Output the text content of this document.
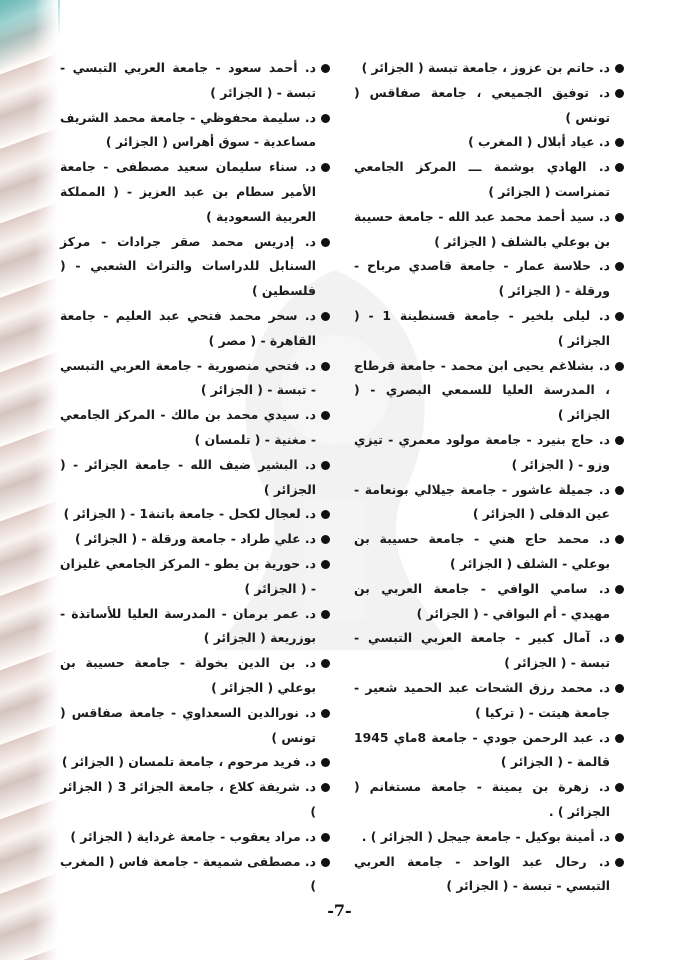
د. حاتم بن عزوز ، جامعة تبسة ( الجزائر )
د. توفيق الجميعي ، جامعة صفاقس ( تونس )
د. عياد أبلال ( المغرب )
د. الهادي بوشمة ـــ المركز الجامعي تمنراست ( الجزائر )
د. سيد أحمد محمد عبد الله - جامعة حسيبة بن بوعلي بالشلف ( الجزائر )
د. حلاسة عمار - جامعة قاصدي مرباح - ورقلة - ( الجزائر )
د. ليلى بلخير - جامعة قسنطينة 1 - ( الجزائر )
د. بشلاغم يحيى ابن محمد - جامعة قرطاج ، المدرسة العليا للسمعي البصري - ( الجزائر )
د. حاج بنيرد - جامعة مولود معمري - تيزي وزو - ( الجزائر )
د. جميلة عاشور - جامعة جيلالي بونعامة - عين الدفلى ( الجزائر )
د. محمد حاج هني - جامعة حسيبة بن بوعلي - الشلف ( الجزائر )
د. سامي الوافي - جامعة العربي بن مهيدي - أم البواقي - ( الجزائر )
د. آمال كبير - جامعة العربي التبسي - تبسة - ( الجزائر )
د. محمد رزق الشحات عبد الحميد شعير - جامعة هيتت - ( تركيا )
د. عبد الرحمن جودي - جامعة 8ماي 1945 قالمة - ( الجزائر )
د. زهرة بن يمينة - جامعة مستغانم ( الجزائر ) .
د. أمينة بوكيل - جامعة جيجل ( الجزائر ) .
د. رحال عبد الواحد - جامعة العربي التبسي - تبسة - ( الجزائر )
د. أحمد سعود - جامعة العربي التبسي - تبسة - ( الجزائر )
د. سليمة محفوظي - جامعة محمد الشريف مساعدية - سوق أهراس ( الجزائر )
د. سناء سليمان سعيد مصطفى - جامعة الأمير سطام بن عبد العزيز - ( المملكة العربية السعودية )
د. إدريس محمد صقر جرادات - مركز السنابل للدراسات والتراث الشعبي - ( فلسطين )
د. سحر محمد فتحي عبد العليم - جامعة القاهرة - ( مصر )
د. فتحي منصورية - جامعة العربي التبسي - تبسة - ( الجزائر )
د. سيدي محمد بن مالك - المركز الجامعي - مغنية - ( تلمسان )
د. البشير ضيف الله - جامعة الجزائر - ( الجزائر )
د. لعجال لكحل - جامعة باتنة1 - ( الجزائر )
د. علي طراد - جامعة ورقلة - ( الجزائر )
د. حورية بن يطو - المركز الجامعي غليزان - ( الجزائر )
د. عمر برمان - المدرسة العليا للأساتذة - بوزريعة ( الجزائر )
د. بن الدين بخولة - جامعة حسيبة بن بوعلي ( الجزائر )
د. نورالدين السعداوي - جامعة صفاقس ( تونس )
د. فريد مرحوم ، جامعة تلمسان ( الجزائر )
د. شريفة كلاع ، جامعة الجزائر 3 ( الجزائر )
د. مراد يعقوب - جامعة غرداية ( الجزائر )
د. مصطفى شميعة - جامعة فاس ( المغرب )
-7-
